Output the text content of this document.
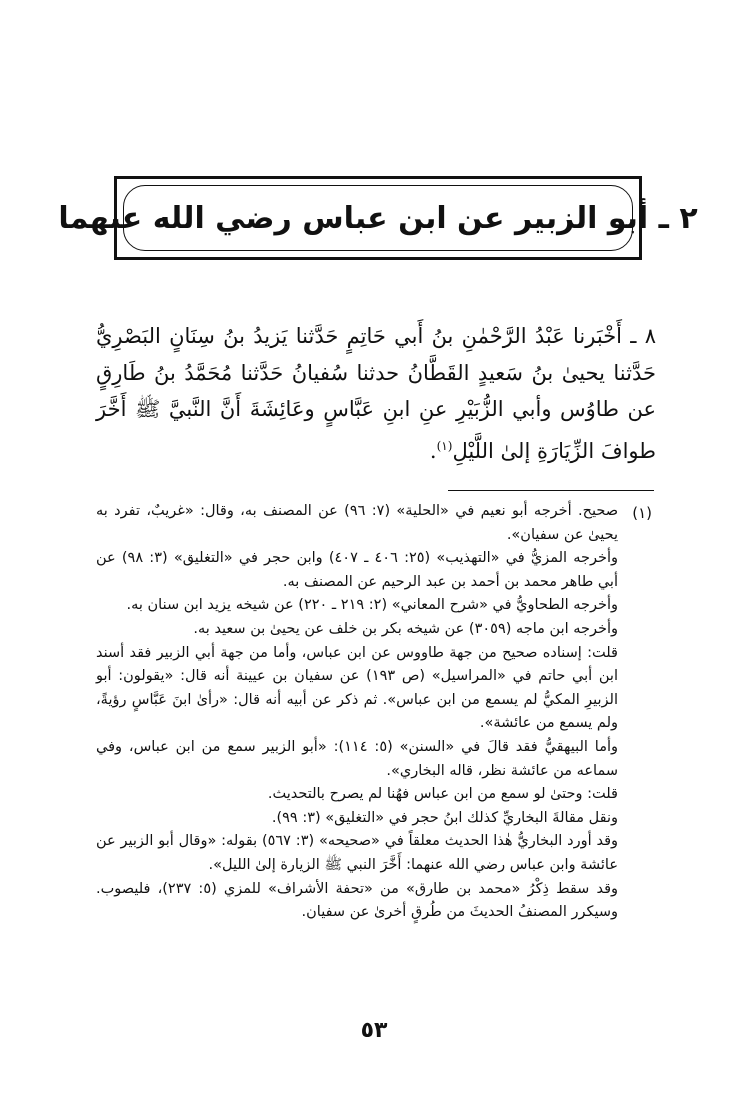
٢ ـ أبو الزبير عن ابن عباس رضي الله عنهما
٨ ـ أَخْبَرنا عَبْدُ الرَّحْمٰنِ بنُ أَبي حَاتِمٍ حَدَّثنا يَزيدُ بنُ سِنَانٍ البَصْرِيُّ حَدَّثنا يحيىٰ بنُ سَعيدٍ القَطَّانُ حدثنا سُفيانُ حَدَّثنا مُحَمَّدُ بنُ طَارِقٍ عن طاوُس وأبي الزُّبَيْرِ عنِ ابنِ عَبَّاسٍ وعَائِشَةَ أَنَّ النَّبيَّ ﷺ أَخَّرَ طوافَ الزِّيَارَةِ إلىٰ اللَّيْلِ$^{(١)}$.
(١)

صحيح. أخرجه أبو نعيم في «الحلية» (٧: ٩٦) عن المصنف به، وقال: «غريبٌ، تفرد به يحيىٰ عن سفيان».

وأخرجه المزيُّ في «التهذيب» (٢٥: ٤٠٦ ـ ٤٠٧) وابن حجر في «التغليق» (٣: ٩٨) عن أبي طاهر محمد بن أحمد بن عبد الرحيم عن المصنف به.

وأخرجه الطحاويُّ في «شرح المعاني» (٢: ٢١٩ ـ ٢٢٠) عن شيخه يزيد ابن سنان به.

وأخرجه ابن ماجه (٣٠٥٩) عن شيخه بكر بن خلف عن يحيىٰ بن سعيد به.

قلت: إسناده صحيح من جهة طاووس عن ابن عباس، وأما من جهة أبي الزبير فقد أسند ابن أبي حاتم في «المراسيل» (ص ١٩٣) عن سفيان بن عيينة أنه قال: «يقولون: أبو الزبيرِ المكيُّ لم يسمع من ابن عباس». ثم ذكر عن أبيه أنه قال: «رأىٰ ابنَ عَبَّاسٍ رؤيةً، ولم يسمع من عائشة».

وأما البيهقيُّ فقد قالَ في «السنن» (٥: ١١٤): «أبو الزبير سمع من ابن عباس، وفي سماعه من عائشة نظر، قاله البخاري».

قلت: وحتىٰ لو سمع من ابن عباس فهُنا لم يصرح بالتحديث.

ونقل مقالةَ البخاريِّ كذلك ابنُ حجر في «التغليق» (٣: ٩٩).

وقد أورد البخاريُّ هٰذا الحديث معلقاً في «صحيحه» (٣: ٥٦٧) بقوله: «وقال أبو الزبير عن عائشة وابن عباس رضي الله عنهما: أَخَّرَ النبي ﷺ الزيارة إلىٰ الليل».

وقد سقط ذِكْرُ «محمد بن طارق» من «تحفة الأشراف» للمزي (٥: ٢٣٧)، فليصوب. وسيكرر المصنفُ الحديثَ من طُرقٍ أخرىٰ عن سفيان.

٥٣
